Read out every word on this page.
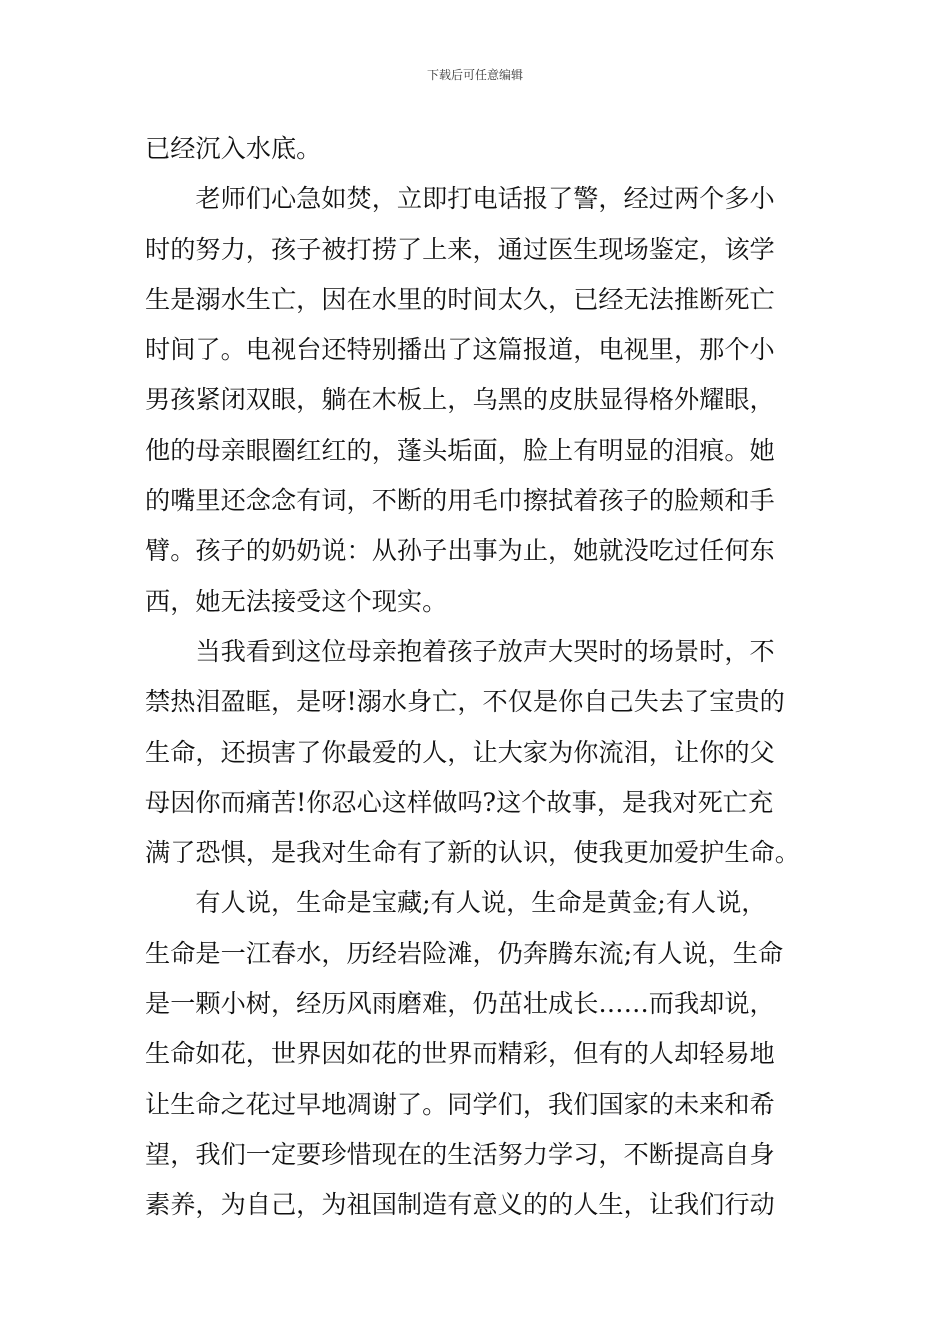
下载后可任意编辑
已经沉入水底。
　　老师们心急如焚，立即打电话报了警，经过两个多小
时的努力，孩子被打捞了上来，通过医生现场鉴定，该学
生是溺水生亡，因在水里的时间太久，已经无法推断死亡
时间了。电视台还特别播出了这篇报道，电视里，那个小
男孩紧闭双眼，躺在木板上，乌黑的皮肤显得格外耀眼，
他的母亲眼圈红红的，蓬头垢面，脸上有明显的泪痕。她
的嘴里还念念有词，不断的用毛巾擦拭着孩子的脸颊和手
臂。孩子的奶奶说：从孙子出事为止，她就没吃过任何东
西，她无法接受这个现实。
　　当我看到这位母亲抱着孩子放声大哭时的场景时，不
禁热泪盈眶，是呀!溺水身亡，不仅是你自己失去了宝贵的
生命，还损害了你最爱的人，让大家为你流泪，让你的父
母因你而痛苦!你忍心这样做吗?这个故事，是我对死亡充
满了恐惧，是我对生命有了新的认识，使我更加爱护生命。
　　有人说，生命是宝藏;有人说，生命是黄金;有人说，
生命是一江春水，历经岩险滩，仍奔腾东流;有人说，生命
是一颗小树，经历风雨磨难，仍茁壮成长……而我却说，
生命如花，世界因如花的世界而精彩，但有的人却轻易地
让生命之花过早地凋谢了。同学们，我们国家的未来和希
望，我们一定要珍惜现在的生活努力学习，不断提高自身
素养，为自己，为祖国制造有意义的的人生，让我们行动
